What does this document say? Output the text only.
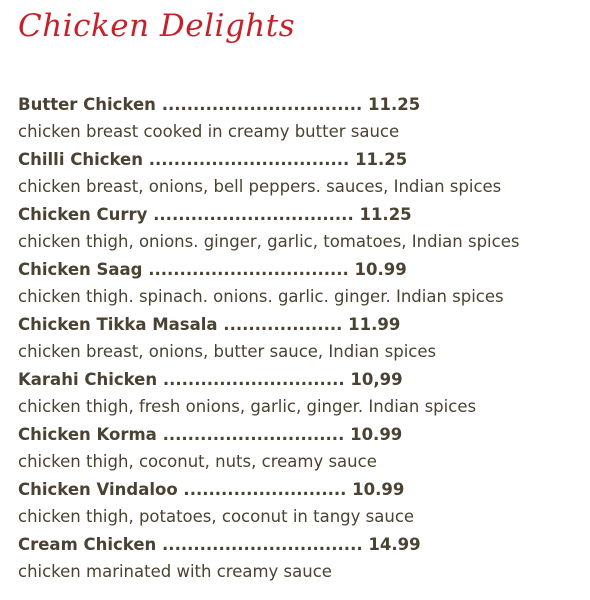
Chicken Delights
Butter Chicken ................................ 11.25
chicken breast cooked in creamy butter sauce
Chilli Chicken ................................ 11.25
chicken breast, onions, bell peppers. sauces, Indian spices
Chicken Curry ................................ 11.25
chicken thigh, onions. ginger, garlic, tomatoes, Indian spices
Chicken Saag ................................ 10.99
chicken thigh. spinach. onions. garlic. ginger. Indian spices
Chicken Tikka Masala ................... 11.99
chicken breast, onions, butter sauce, Indian spices
Karahi Chicken ............................. 10,99
chicken thigh, fresh onions, garlic, ginger. Indian spices
Chicken Korma ............................. 10.99
chicken thigh, coconut, nuts, creamy sauce
Chicken Vindaloo .......................... 10.99
chicken thigh, potatoes, coconut in tangy sauce
Cream Chicken ................................ 14.99
chicken marinated with creamy sauce
